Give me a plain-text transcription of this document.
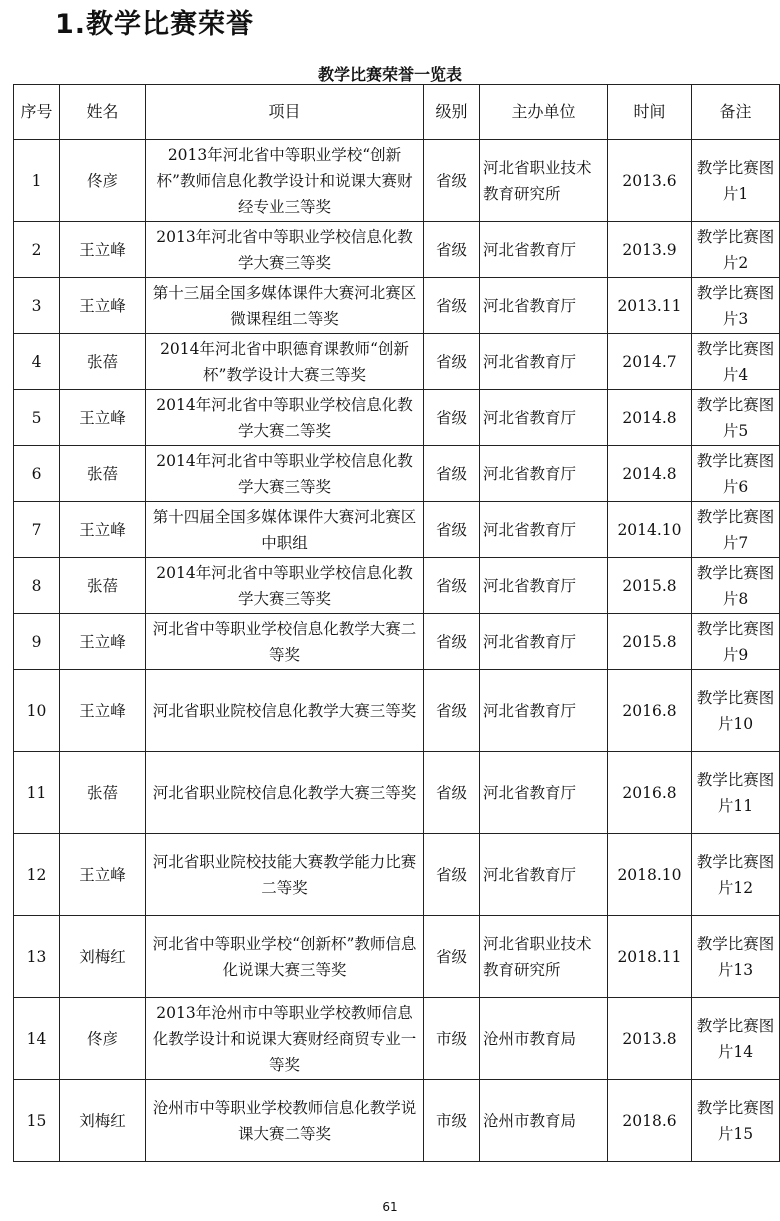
1.教学比赛荣誉
教学比赛荣誉一览表
序号	姓名	项目	级别	主办单位	时间	备注
1	佟彦	2013年河北省中等职业学校“创新杯”教师信息化教学设计和说课大赛财经专业三等奖	省级	河北省职业技术教育研究所	2013.6	教学比赛图片1
2	王立峰	2013年河北省中等职业学校信息化教学大赛三等奖	省级	河北省教育厅	2013.9	教学比赛图片2
3	王立峰	第十三届全国多媒体课件大赛河北赛区微课程组二等奖	省级	河北省教育厅	2013.11	教学比赛图片3
4	张蓓	2014年河北省中职德育课教师“创新杯”教学设计大赛三等奖	省级	河北省教育厅	2014.7	教学比赛图片4
5	王立峰	2014年河北省中等职业学校信息化教学大赛二等奖	省级	河北省教育厅	2014.8	教学比赛图片5
6	张蓓	2014年河北省中等职业学校信息化教学大赛三等奖	省级	河北省教育厅	2014.8	教学比赛图片6
7	王立峰	第十四届全国多媒体课件大赛河北赛区中职组	省级	河北省教育厅	2014.10	教学比赛图片7
8	张蓓	2014年河北省中等职业学校信息化教学大赛三等奖	省级	河北省教育厅	2015.8	教学比赛图片8
9	王立峰	河北省中等职业学校信息化教学大赛二等奖	省级	河北省教育厅	2015.8	教学比赛图片9
10	王立峰	河北省职业院校信息化教学大赛三等奖	省级	河北省教育厅	2016.8	教学比赛图片10
11	张蓓	河北省职业院校信息化教学大赛三等奖	省级	河北省教育厅	2016.8	教学比赛图片11
12	王立峰	河北省职业院校技能大赛教学能力比赛二等奖	省级	河北省教育厅	2018.10	教学比赛图片12
13	刘梅红	河北省中等职业学校“创新杯”教师信息化说课大赛三等奖	省级	河北省职业技术教育研究所	2018.11	教学比赛图片13
14	佟彦	2013年沧州市中等职业学校教师信息化教学设计和说课大赛财经商贸专业一等奖	市级	沧州市教育局	2013.8	教学比赛图片14
15	刘梅红	沧州市中等职业学校教师信息化教学说课大赛二等奖	市级	沧州市教育局	2018.6	教学比赛图片15
61
